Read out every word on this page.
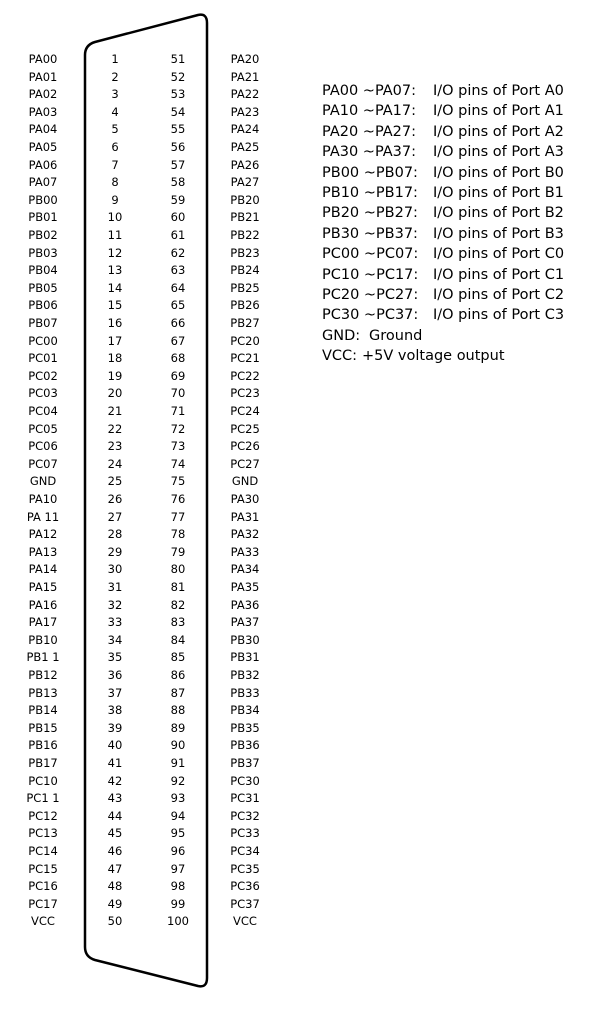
PA00	1	51	PA20
PA01	2	52	PA21
PA02	3	53	PA22
PA03	4	54	PA23
PA04	5	55	PA24
PA05	6	56	PA25
PA06	7	57	PA26
PA07	8	58	PA27
PB00	9	59	PB20
PB01	10	60	PB21
PB02	11	61	PB22
PB03	12	62	PB23
PB04	13	63	PB24
PB05	14	64	PB25
PB06	15	65	PB26
PB07	16	66	PB27
PC00	17	67	PC20
PC01	18	68	PC21
PC02	19	69	PC22
PC03	20	70	PC23
PC04	21	71	PC24
PC05	22	72	PC25
PC06	23	73	PC26
PC07	24	74	PC27
GND	25	75	GND
PA10	26	76	PA30
PA 11	27	77	PA31
PA12	28	78	PA32
PA13	29	79	PA33
PA14	30	80	PA34
PA15	31	81	PA35
PA16	32	82	PA36
PA17	33	83	PA37
PB10	34	84	PB30
PB1 1	35	85	PB31
PB12	36	86	PB32
PB13	37	87	PB33
PB14	38	88	PB34
PB15	39	89	PB35
PB16	40	90	PB36
PB17	41	91	PB37
PC10	42	92	PC30
PC1 1	43	93	PC31
PC12	44	94	PC32
PC13	45	95	PC33
PC14	46	96	PC34
PC15	47	97	PC35
PC16	48	98	PC36
PC17	49	99	PC37
VCC	50	100	VCC
PA00 ~PA07: I/O pins of Port A0
PA10 ~PA17: I/O pins of Port A1
PA20 ~PA27: I/O pins of Port A2
PA30 ~PA37: I/O pins of Port A3
PB00 ~PB07: I/O pins of Port B0
PB10 ~PB17: I/O pins of Port B1
PB20 ~PB27: I/O pins of Port B2
PB30 ~PB37: I/O pins of Port B3
PC00 ~PC07: I/O pins of Port C0
PC10 ~PC17: I/O pins of Port C1
PC20 ~PC27: I/O pins of Port C2
PC30 ~PC37: I/O pins of Port C3
GND: Ground
VCC: +5V voltage output
